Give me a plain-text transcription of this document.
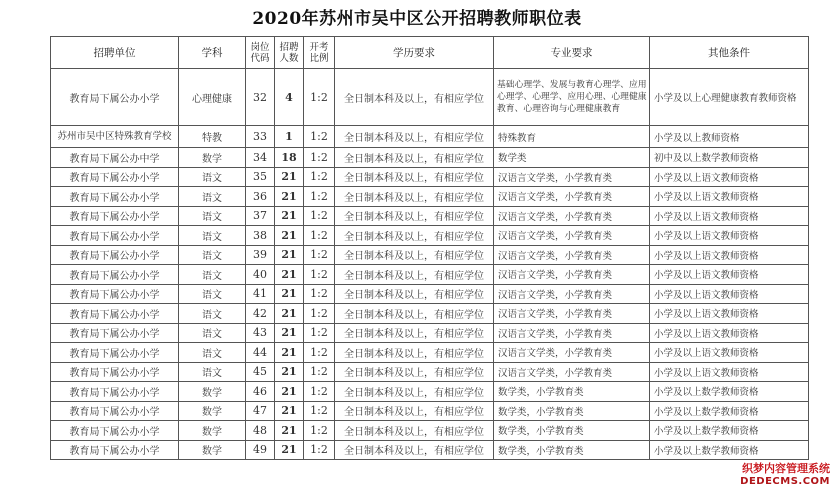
2020年苏州市吴中区公开招聘教师职位表
招聘单位	学科	岗位代码	招聘人数	开考比例	学历要求	专业要求	其他条件
教育局下属公办小学	心理健康	32	4	1:2	全日制本科及以上，有相应学位	基础心理学、发展与教育心理学、应用心理学、心理学、应用心理、心理健康教育、心理咨询与心理健康教育	小学及以上心理健康教育教师资格
苏州市吴中区特殊教育学校	特教	33	1	1:2	全日制本科及以上，有相应学位	特殊教育	小学及以上教师资格
教育局下属公办中学	数学	34	18	1:2	全日制本科及以上，有相应学位	数学类	初中及以上数学教师资格
教育局下属公办小学	语文	35	21	1:2	全日制本科及以上，有相应学位	汉语言文学类，小学教育类	小学及以上语文教师资格
教育局下属公办小学	语文	36	21	1:2	全日制本科及以上，有相应学位	汉语言文学类，小学教育类	小学及以上语文教师资格
教育局下属公办小学	语文	37	21	1:2	全日制本科及以上，有相应学位	汉语言文学类，小学教育类	小学及以上语文教师资格
教育局下属公办小学	语文	38	21	1:2	全日制本科及以上，有相应学位	汉语言文学类，小学教育类	小学及以上语文教师资格
教育局下属公办小学	语文	39	21	1:2	全日制本科及以上，有相应学位	汉语言文学类，小学教育类	小学及以上语文教师资格
教育局下属公办小学	语文	40	21	1:2	全日制本科及以上，有相应学位	汉语言文学类，小学教育类	小学及以上语文教师资格
教育局下属公办小学	语文	41	21	1:2	全日制本科及以上，有相应学位	汉语言文学类，小学教育类	小学及以上语文教师资格
教育局下属公办小学	语文	42	21	1:2	全日制本科及以上，有相应学位	汉语言文学类，小学教育类	小学及以上语文教师资格
教育局下属公办小学	语文	43	21	1:2	全日制本科及以上，有相应学位	汉语言文学类，小学教育类	小学及以上语文教师资格
教育局下属公办小学	语文	44	21	1:2	全日制本科及以上，有相应学位	汉语言文学类，小学教育类	小学及以上语文教师资格
教育局下属公办小学	语文	45	21	1:2	全日制本科及以上，有相应学位	汉语言文学类，小学教育类	小学及以上语文教师资格
教育局下属公办小学	数学	46	21	1:2	全日制本科及以上，有相应学位	数学类，小学教育类	小学及以上数学教师资格
教育局下属公办小学	数学	47	21	1:2	全日制本科及以上，有相应学位	数学类，小学教育类	小学及以上数学教师资格
教育局下属公办小学	数学	48	21	1:2	全日制本科及以上，有相应学位	数学类，小学教育类	小学及以上数学教师资格
教育局下属公办小学	数学	49	21	1:2	全日制本科及以上，有相应学位	数学类，小学教育类	小学及以上数学教师资格
织梦内容管理系统
DEDECMS.COM
